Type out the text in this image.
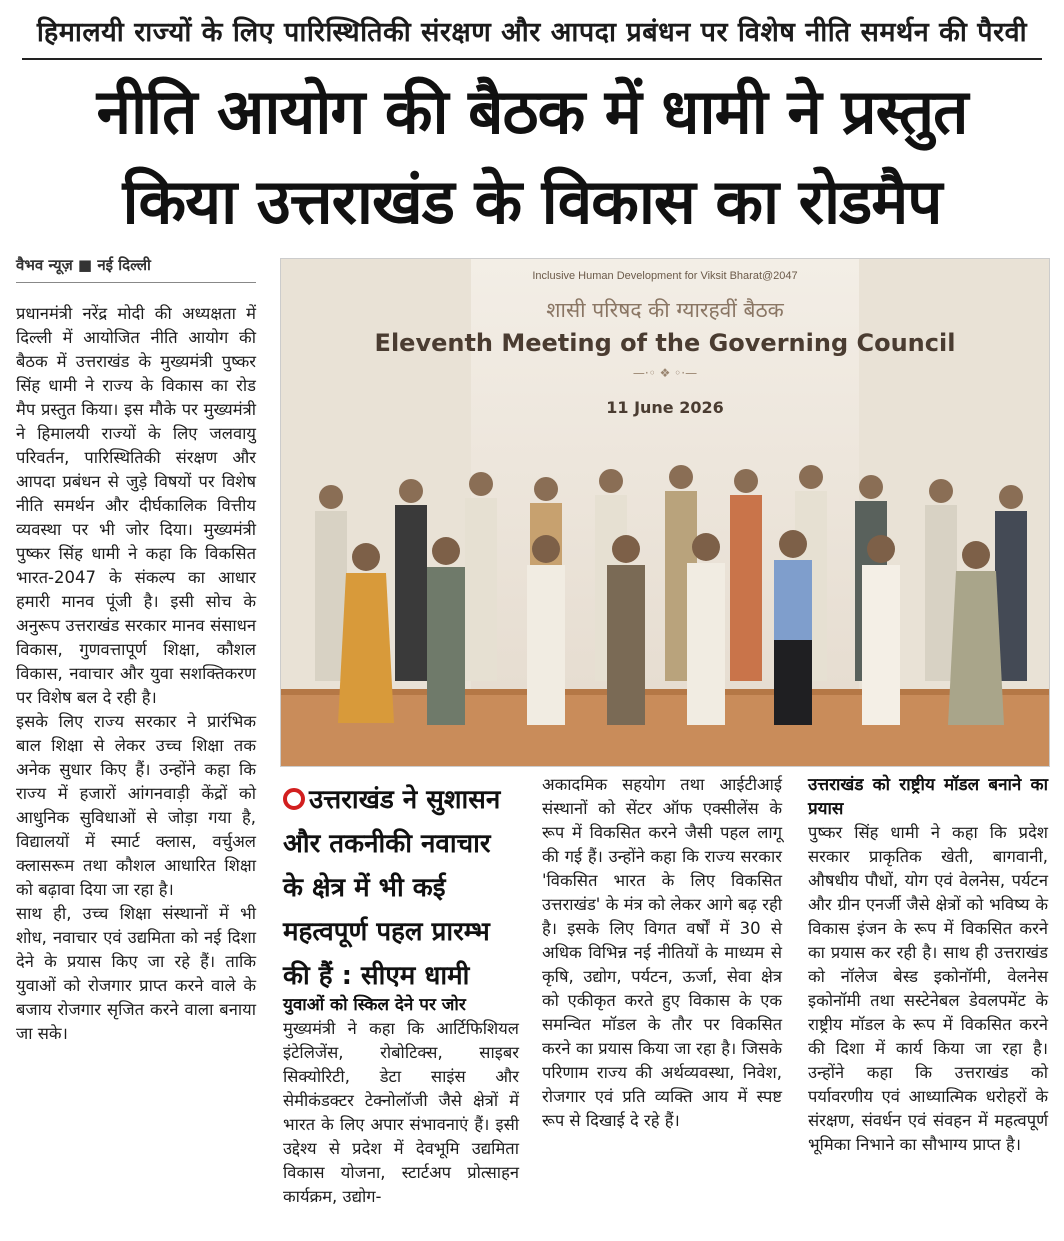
हिमालयी राज्यों के लिए पारिस्थितिकी संरक्षण और आपदा प्रबंधन पर विशेष नीति समर्थन की पैरवी
नीति आयोग की बैठक में धामी ने प्रस्तुत
किया उत्तराखंड के विकास का रोडमैप
वैभव न्यूज़ ■ नई दिल्ली

प्रधानमंत्री नरेंद्र मोदी की अध्यक्षता में दिल्ली में आयोजित नीति आयोग की बैठक में उत्तराखंड के मुख्यमंत्री पुष्कर सिंह धामी ने राज्य के विकास का रोड मैप प्रस्तुत किया। इस मौके पर मुख्यमंत्री ने हिमालयी राज्यों के लिए जलवायु परिवर्तन, पारिस्थितिकी संरक्षण और आपदा प्रबंधन से जुड़े विषयों पर विशेष नीति समर्थन और दीर्घकालिक वित्तीय व्यवस्था पर भी जोर दिया। मुख्यमंत्री पुष्कर सिंह धामी ने कहा कि विकसित भारत-2047 के संकल्प का आधार हमारी मानव पूंजी है। इसी सोच के अनुरूप उत्तराखंड सरकार मानव संसाधन विकास, गुणवत्तापूर्ण शिक्षा, कौशल विकास, नवाचार और युवा सशक्तिकरण पर विशेष बल दे रही है।

इसके लिए राज्य सरकार ने प्रारंभिक बाल शिक्षा से लेकर उच्च शिक्षा तक अनेक सुधार किए हैं। उन्होंने कहा कि राज्य में हजारों आंगनवाड़ी केंद्रों को आधुनिक सुविधाओं से जोड़ा गया है, विद्यालयों में स्मार्ट क्लास, वर्चुअल क्लासरूम तथा कौशल आधारित शिक्षा को बढ़ावा दिया जा रहा है।

साथ ही, उच्च शिक्षा संस्थानों में भी शोध, नवाचार एवं उद्यमिता को नई दिशा देने के प्रयास किए जा रहे हैं। ताकि युवाओं को रोजगार प्राप्त करने वाले के बजाय रोजगार सृजित करने वाला बनाया जा सके।

Inclusive Human Development for Viksit Bharat@2047
शासी परिषद की ग्यारहवीं बैठक
Eleventh Meeting of the Governing Council
—·◦ ❖ ◦·—
11 June 2026
उत्तराखंड ने सुशासन और तकनीकी नवाचार के क्षेत्र में भी कई महत्वपूर्ण पहल प्रारम्भ की हैं : सीएम धामी

युवाओं को स्किल देने पर जोर

मुख्यमंत्री ने कहा कि आर्टिफिशियल इंटेलिजेंस, रोबोटिक्स, साइबर सिक्योरिटी, डेटा साइंस और सेमीकंडक्टर टेक्नोलॉजी जैसे क्षेत्रों में भारत के लिए अपार संभावनाएं हैं। इसी उद्देश्य से प्रदेश में देवभूमि उद्यमिता विकास योजना, स्टार्टअप प्रोत्साहन कार्यक्रम, उद्योग-

अकादमिक सहयोग तथा आईटीआई संस्थानों को सेंटर ऑफ एक्सीलेंस के रूप में विकसित करने जैसी पहल लागू की गई हैं। उन्होंने कहा कि राज्य सरकार 'विकसित भारत के लिए विकसित उत्तराखंड' के मंत्र को लेकर आगे बढ़ रही है। इसके लिए विगत वर्षों में 30 से अधिक विभिन्न नई नीतियों के माध्यम से कृषि, उद्योग, पर्यटन, ऊर्जा, सेवा क्षेत्र को एकीकृत करते हुए विकास के एक समन्वित मॉडल के तौर पर विकसित करने का प्रयास किया जा रहा है। जिसके परिणाम राज्य की अर्थव्यवस्था, निवेश, रोजगार एवं प्रति व्यक्ति आय में स्पष्ट रूप से दिखाई दे रहे हैं।

उत्तराखंड को राष्ट्रीय मॉडल बनाने का प्रयास

पुष्कर सिंह धामी ने कहा कि प्रदेश सरकार प्राकृतिक खेती, बागवानी, औषधीय पौधों, योग एवं वेलनेस, पर्यटन और ग्रीन एनर्जी जैसे क्षेत्रों को भविष्य के विकास इंजन के रूप में विकसित करने का प्रयास कर रही है। साथ ही उत्तराखंड को नॉलेज बेस्ड इकोनॉमी, वेलनेस इकोनॉमी तथा सस्टेनेबल डेवलपमेंट के राष्ट्रीय मॉडल के रूप में विकसित करने की दिशा में कार्य किया जा रहा है। उन्होंने कहा कि उत्तराखंड को पर्यावरणीय एवं आध्यात्मिक धरोहरों के संरक्षण, संवर्धन एवं संवहन में महत्वपूर्ण भूमिका निभाने का सौभाग्य प्राप्त है।
